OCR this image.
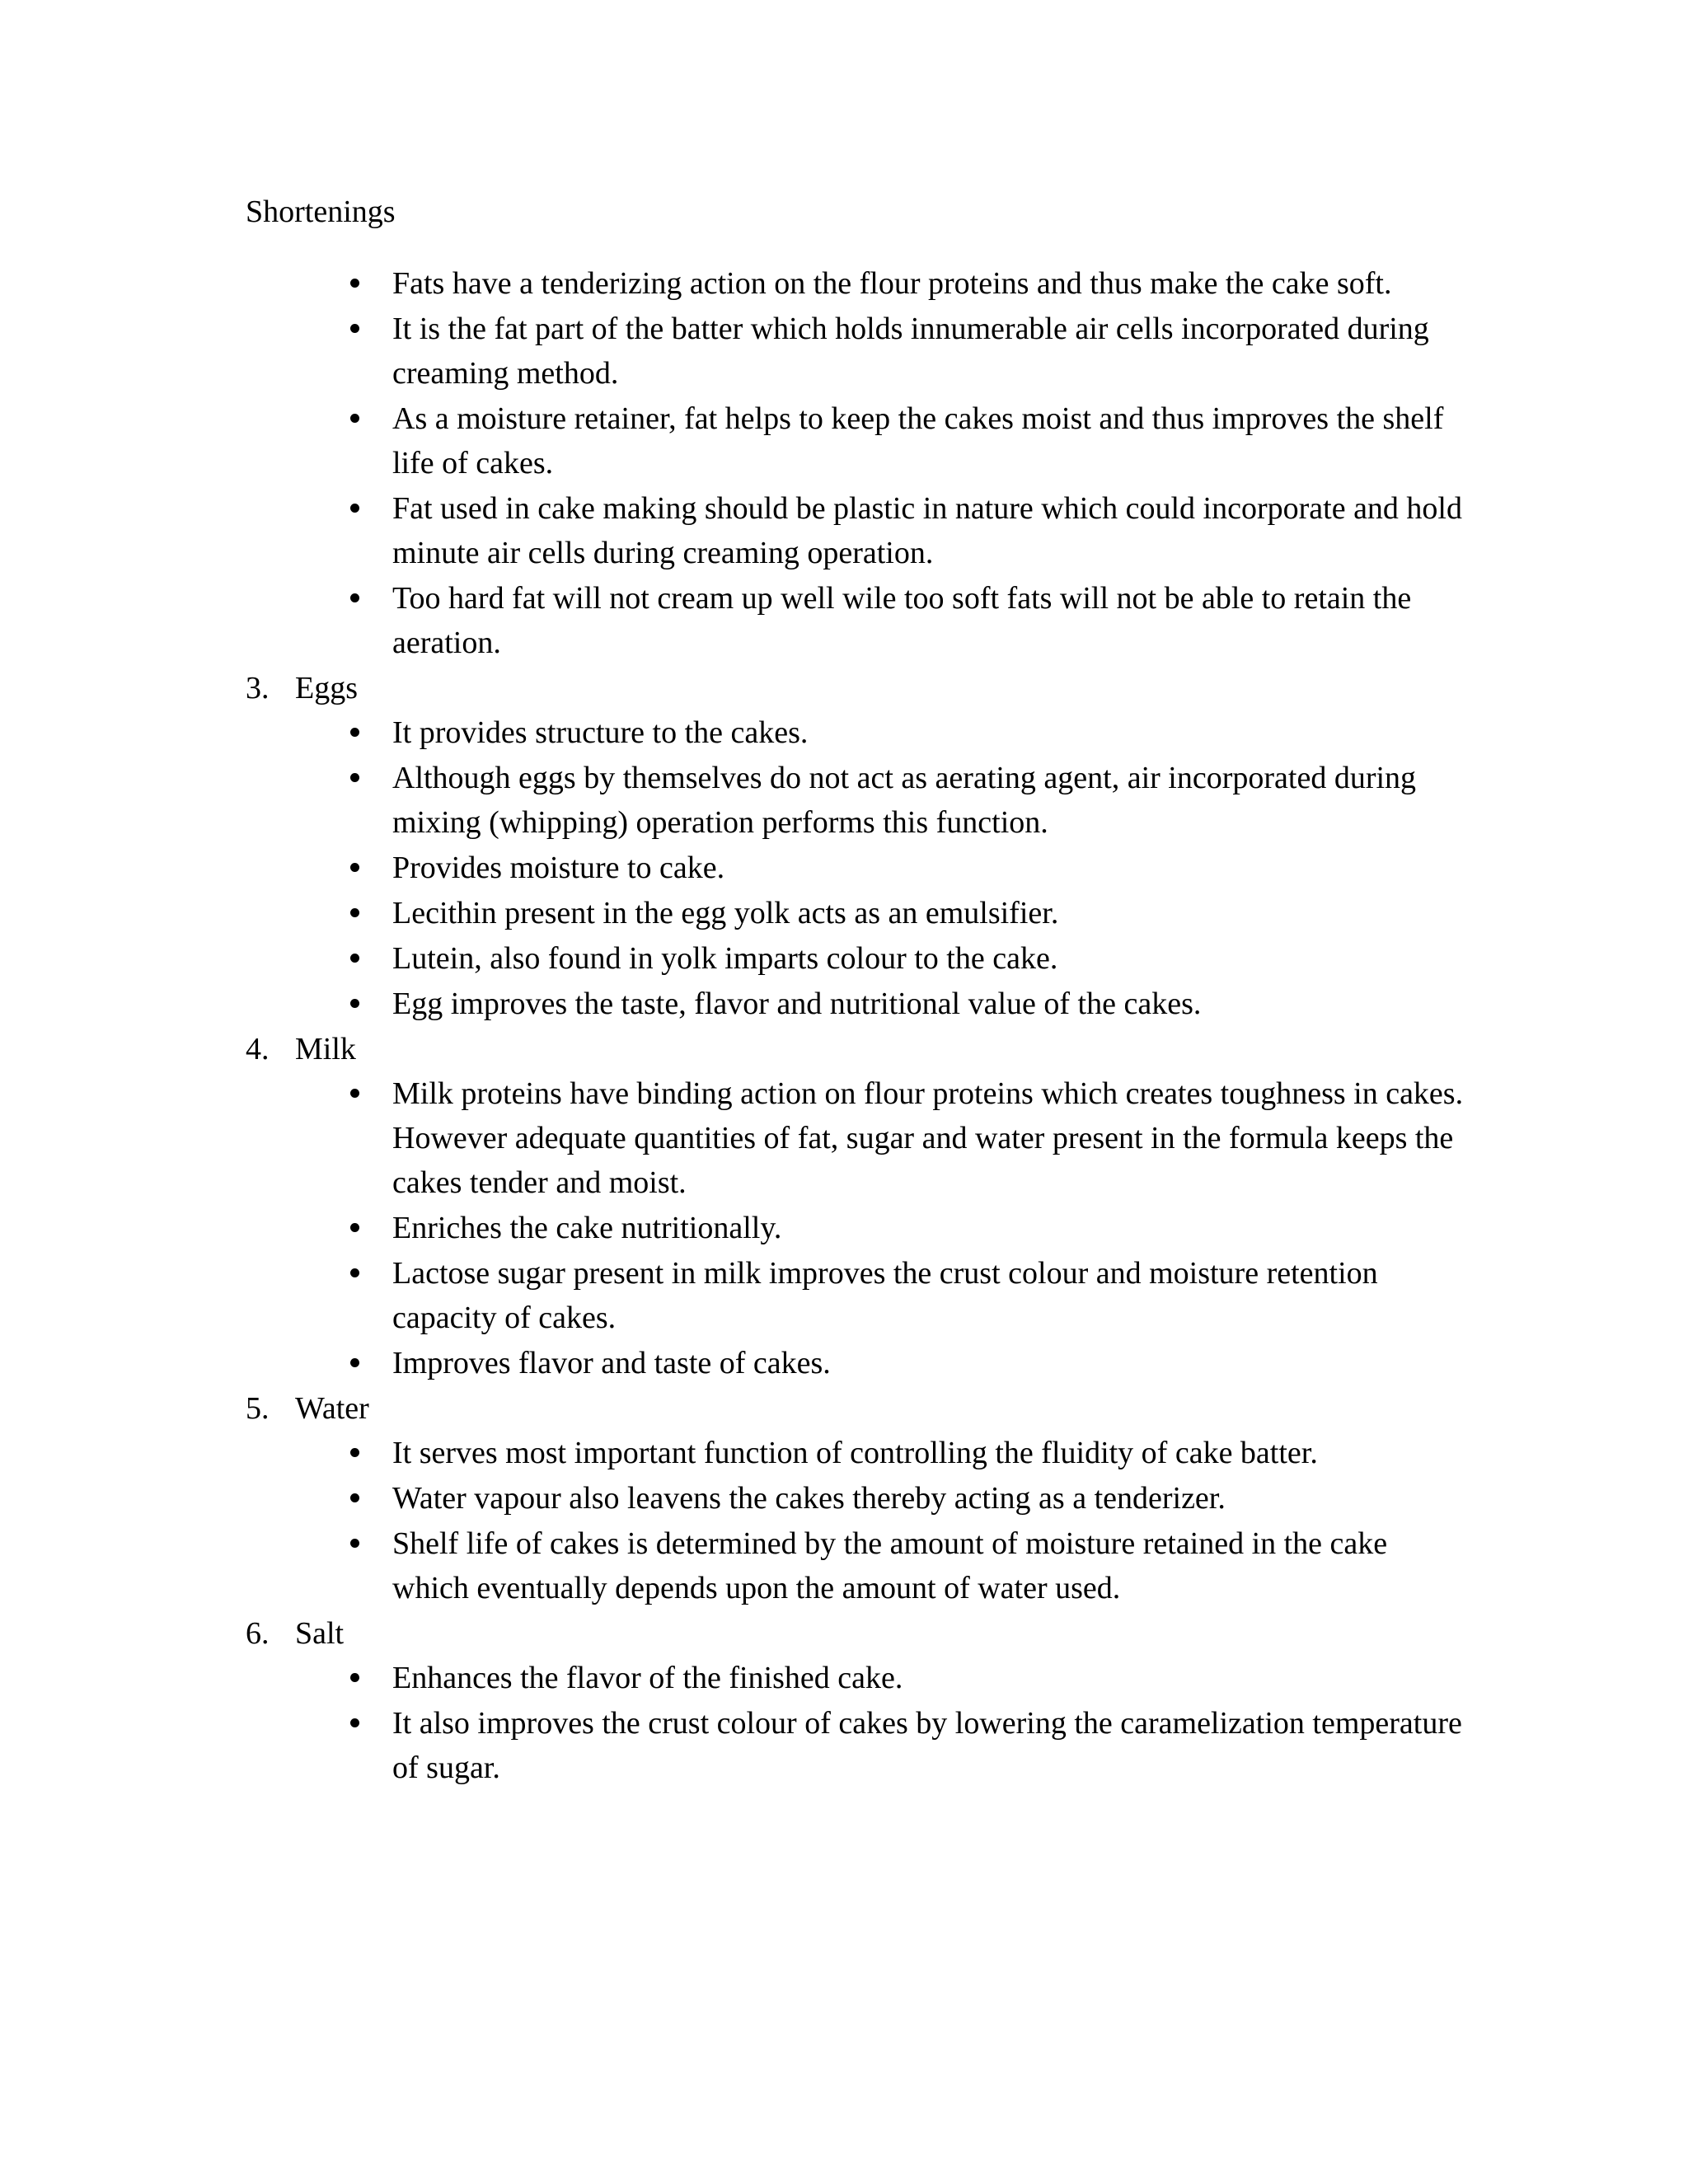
Shortenings
Fats have a tenderizing action on the flour proteins and thus make the cake soft.
It is the fat part of the batter which holds innumerable air cells incorporated during creaming method.
As a moisture retainer, fat helps to keep the cakes moist and thus improves the shelf life of cakes.
Fat used in cake making should be plastic in nature which could incorporate and hold minute air cells during creaming operation.
Too hard fat will not cream up well wile too soft fats will not be able to retain the aeration.
3. Eggs
It provides structure to the cakes.
Although eggs by themselves do not act as aerating agent, air incorporated during mixing (whipping) operation performs this function.
Provides moisture to cake.
Lecithin present in the egg yolk acts as an emulsifier.
Lutein, also found in yolk imparts colour to the cake.
Egg improves the taste, flavor and nutritional value of the cakes.
4. Milk
Milk proteins have binding action on flour proteins which creates toughness in cakes. However adequate quantities of fat, sugar and water present in the formula keeps the cakes tender and moist.
Enriches the cake nutritionally.
Lactose sugar present in milk improves the crust colour and moisture retention capacity of cakes.
Improves flavor and taste of cakes.
5. Water
It serves most important function of controlling the fluidity of cake batter.
Water vapour also leavens the cakes thereby acting as a tenderizer.
Shelf life of cakes is determined by the amount of moisture retained in the cake which eventually depends upon the amount of water used.
6. Salt
Enhances the flavor of the finished cake.
It also improves the crust colour of cakes by lowering the caramelization temperature of sugar.
